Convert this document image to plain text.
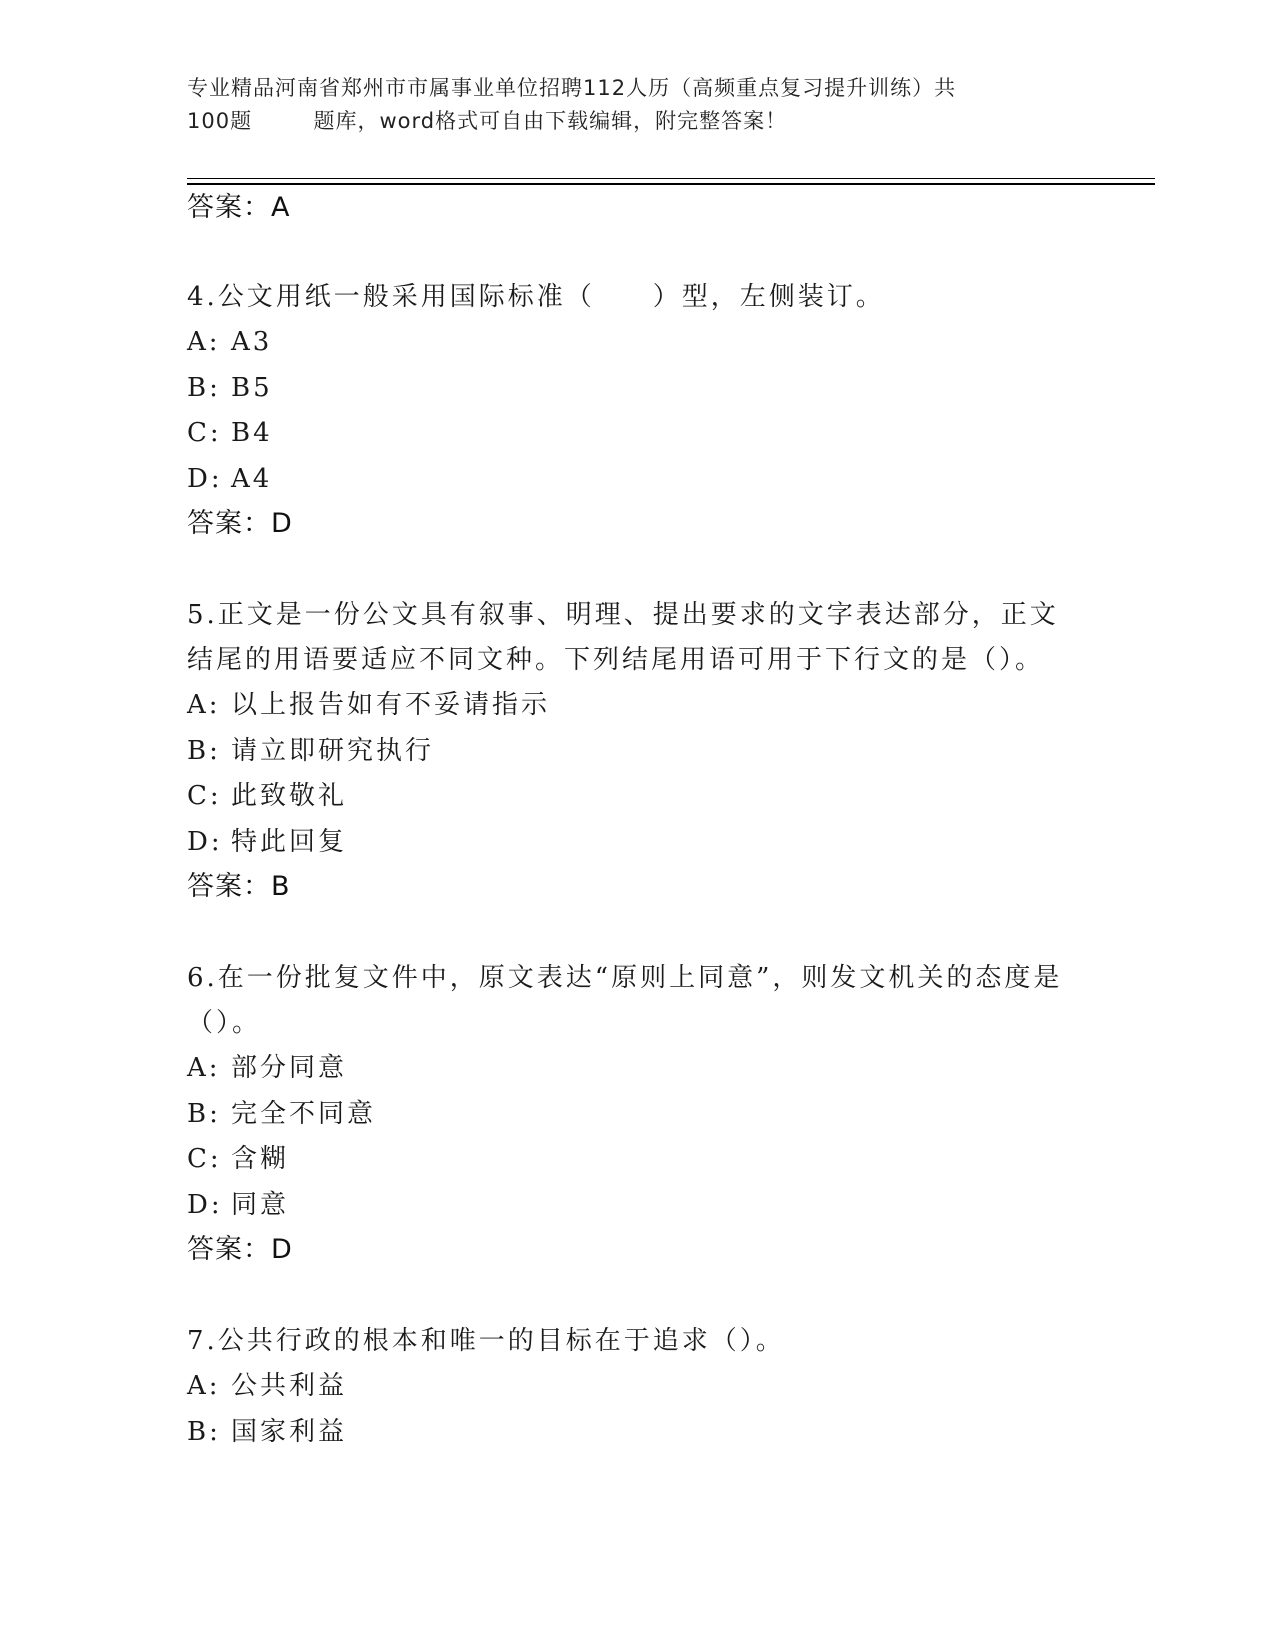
专业精品河南省郑州市市属事业单位招聘112人历（高频重点复习提升训练）共
100题        题库，word格式可自由下载编辑，附完整答案！
答案：A
4.公文用纸一般采用国际标准（　　）型，左侧装订。
A: A3
B: B5
C: B4
D: A4
答案：D
5.正文是一份公文具有叙事、明理、提出要求的文字表达部分，正文结尾的用语要适应不同文种。下列结尾用语可用于下行文的是（）。
A: 以上报告如有不妥请指示
B: 请立即研究执行
C: 此致敬礼
D: 特此回复
答案：B
6.在一份批复文件中，原文表达“原则上同意”，则发文机关的态度是（）。
A: 部分同意
B: 完全不同意
C: 含糊
D: 同意
答案：D
7.公共行政的根本和唯一的目标在于追求（）。
A: 公共利益
B: 国家利益
